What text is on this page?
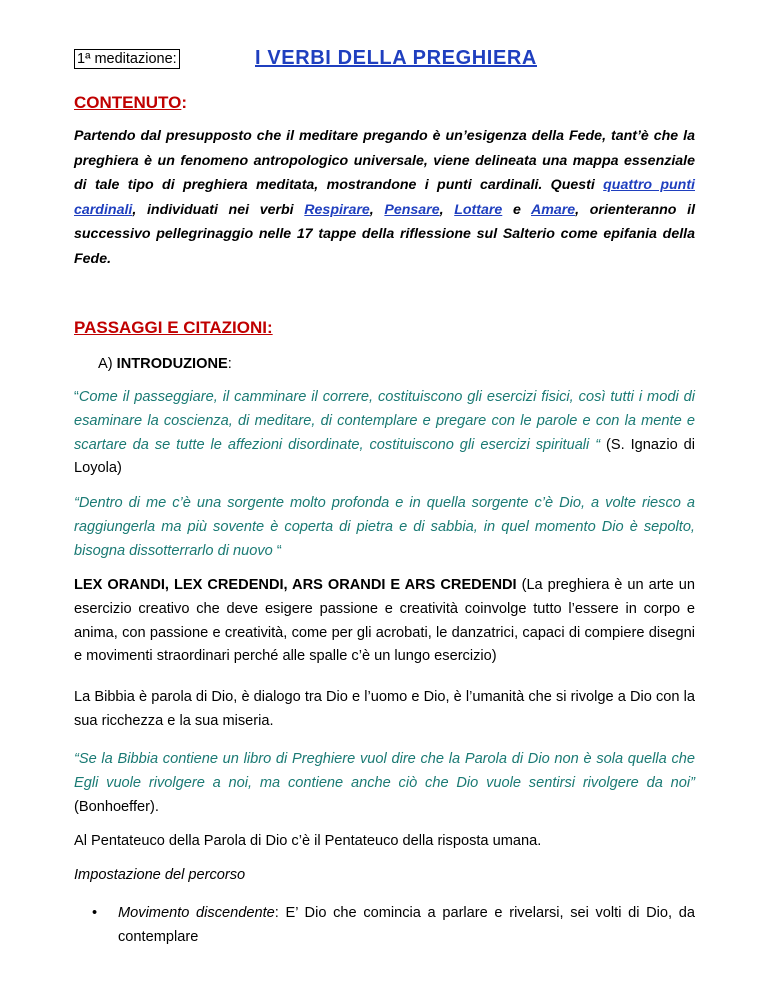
1ª meditazione:	I VERBI DELLA PREGHIERA
CONTENUTO:
Partendo dal presupposto che il meditare pregando è un’esigenza della Fede, tant’è che la preghiera è un fenomeno antropologico universale, viene delineata una mappa essenziale di tale tipo di preghiera meditata, mostrandone i punti cardinali. Questi quattro punti cardinali, individuati nei verbi Respirare, Pensare, Lottare e Amare, orienteranno il successivo pellegrinaggio nelle 17 tappe della riflessione sul Salterio come epifania della Fede.
PASSAGGI E CITAZIONI:
A) INTRODUZIONE:
“Come il passeggiare, il camminare il correre, costituiscono gli esercizi fisici, così tutti i modi di esaminare la coscienza, di meditare, di contemplare e pregare con le parole e con la mente e scartare da se tutte le affezioni disordinate, costituiscono gli esercizi spirituali “ (S. Ignazio di Loyola)
“Dentro di me c’è una sorgente molto profonda e in quella sorgente c’è Dio, a volte riesco a raggiungerla ma più sovente è coperta di pietra e di sabbia, in quel momento Dio è sepolto, bisogna dissotterrarlo di nuovo “
LEX ORANDI, LEX CREDENDI, ARS ORANDI E ARS CREDENDI (La preghiera è un arte un esercizio creativo che deve esigere passione e creatività coinvolge tutto l’essere in corpo e anima, con passione e creatività, come per gli acrobati, le danzatrici, capaci di compiere disegni e movimenti straordinari perché alle spalle c’è un lungo esercizio)
La Bibbia è parola di Dio, è dialogo tra Dio e l’uomo e Dio, è l’umanità che si rivolge a Dio con la sua ricchezza e la sua miseria.
“Se la Bibbia contiene un libro di Preghiere vuol dire che la Parola di Dio non è sola quella che Egli vuole rivolgere a noi, ma contiene anche ciò che Dio vuole sentirsi rivolgere da noi” (Bonhoeffer).
Al Pentateuco della Parola di Dio c’è il Pentateuco della risposta umana.
Impostazione del percorso
• Movimento discendente: E’ Dio che comincia a parlare e rivelarsi, sei volti di Dio, da contemplare
